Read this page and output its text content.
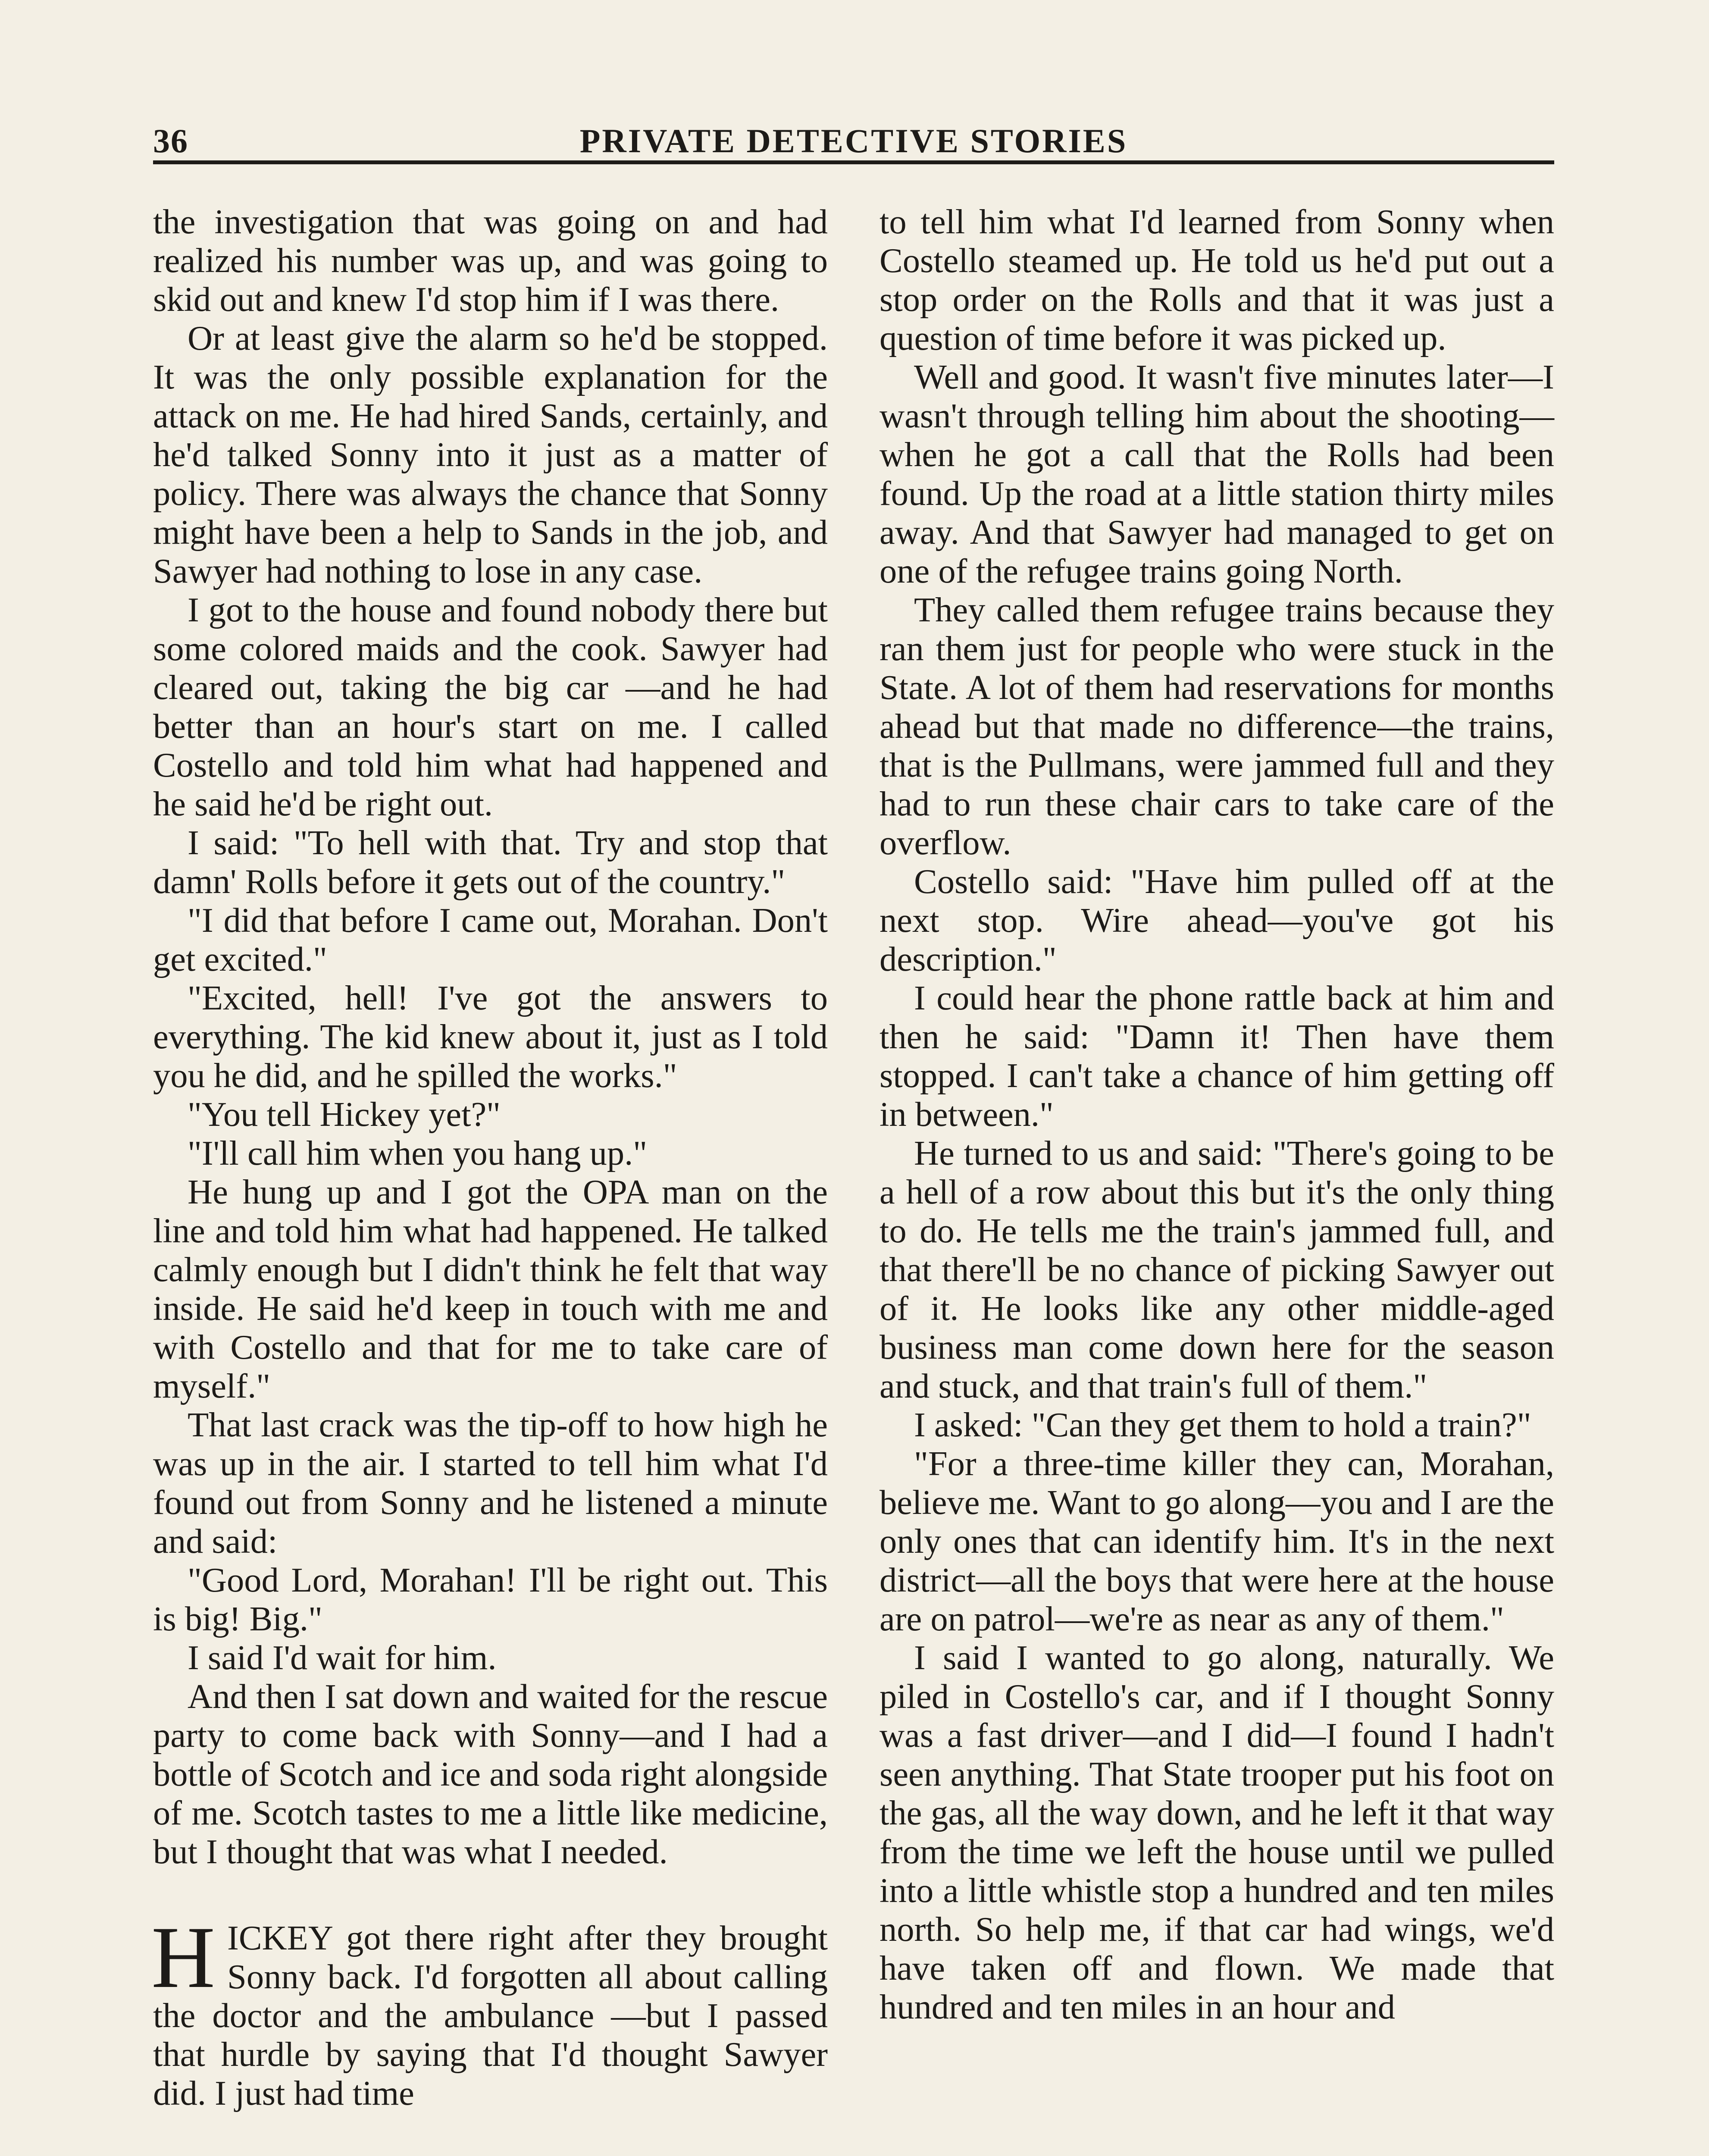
36	PRIVATE DETECTIVE STORIES

the investigation that was going on and had realized his number was up, and was going to skid out and knew I'd stop him if I was there.

Or at least give the alarm so he'd be stopped. It was the only possible explanation for the attack on me. He had hired Sands, certainly, and he'd talked Sonny into it just as a matter of policy. There was always the chance that Sonny might have been a help to Sands in the job, and Sawyer had nothing to lose in any case.

I got to the house and found nobody there but some colored maids and the cook. Sawyer had cleared out, taking the big car —and he had better than an hour's start on me. I called Costello and told him what had happened and he said he'd be right out.

I said: "To hell with that. Try and stop that damn' Rolls before it gets out of the country."

"I did that before I came out, Morahan. Don't get excited."

"Excited, hell! I've got the answers to everything. The kid knew about it, just as I told you he did, and he spilled the works."

"You tell Hickey yet?"

"I'll call him when you hang up."

He hung up and I got the OPA man on the line and told him what had happened. He talked calmly enough but I didn't think he felt that way inside. He said he'd keep in touch with me and with Costello and that for me to take care of myself."

That last crack was the tip-off to how high he was up in the air. I started to tell him what I'd found out from Sonny and he listened a minute and said:

"Good Lord, Morahan! I'll be right out. This is big! Big."

I said I'd wait for him.

And then I sat down and waited for the rescue party to come back with Sonny—and I had a bottle of Scotch and ice and soda right alongside of me. Scotch tastes to me a little like medicine, but I thought that was what I needed.

HICKEY got there right after they brought Sonny back. I'd forgotten all about calling the doctor and the ambulance —but I passed that hurdle by saying that I'd thought Sawyer did. I just had time

to tell him what I'd learned from Sonny when Costello steamed up. He told us he'd put out a stop order on the Rolls and that it was just a question of time before it was picked up.

Well and good. It wasn't five minutes later—I wasn't through telling him about the shooting—when he got a call that the Rolls had been found. Up the road at a little station thirty miles away. And that Sawyer had managed to get on one of the refugee trains going North.

They called them refugee trains because they ran them just for people who were stuck in the State. A lot of them had reservations for months ahead but that made no difference—the trains, that is the Pullmans, were jammed full and they had to run these chair cars to take care of the overflow.

Costello said: "Have him pulled off at the next stop. Wire ahead—you've got his description."

I could hear the phone rattle back at him and then he said: "Damn it! Then have them stopped. I can't take a chance of him getting off in between."

He turned to us and said: "There's going to be a hell of a row about this but it's the only thing to do. He tells me the train's jammed full, and that there'll be no chance of picking Sawyer out of it. He looks like any other middle-aged business man come down here for the season and stuck, and that train's full of them."

I asked: "Can they get them to hold a train?"

"For a three-time killer they can, Morahan, believe me. Want to go along—you and I are the only ones that can identify him. It's in the next district—all the boys that were here at the house are on patrol—we're as near as any of them."

I said I wanted to go along, naturally. We piled in Costello's car, and if I thought Sonny was a fast driver—and I did—I found I hadn't seen anything. That State trooper put his foot on the gas, all the way down, and he left it that way from the time we left the house until we pulled into a little whistle stop a hundred and ten miles north. So help me, if that car had wings, we'd have taken off and flown. We made that hundred and ten miles in an hour and
